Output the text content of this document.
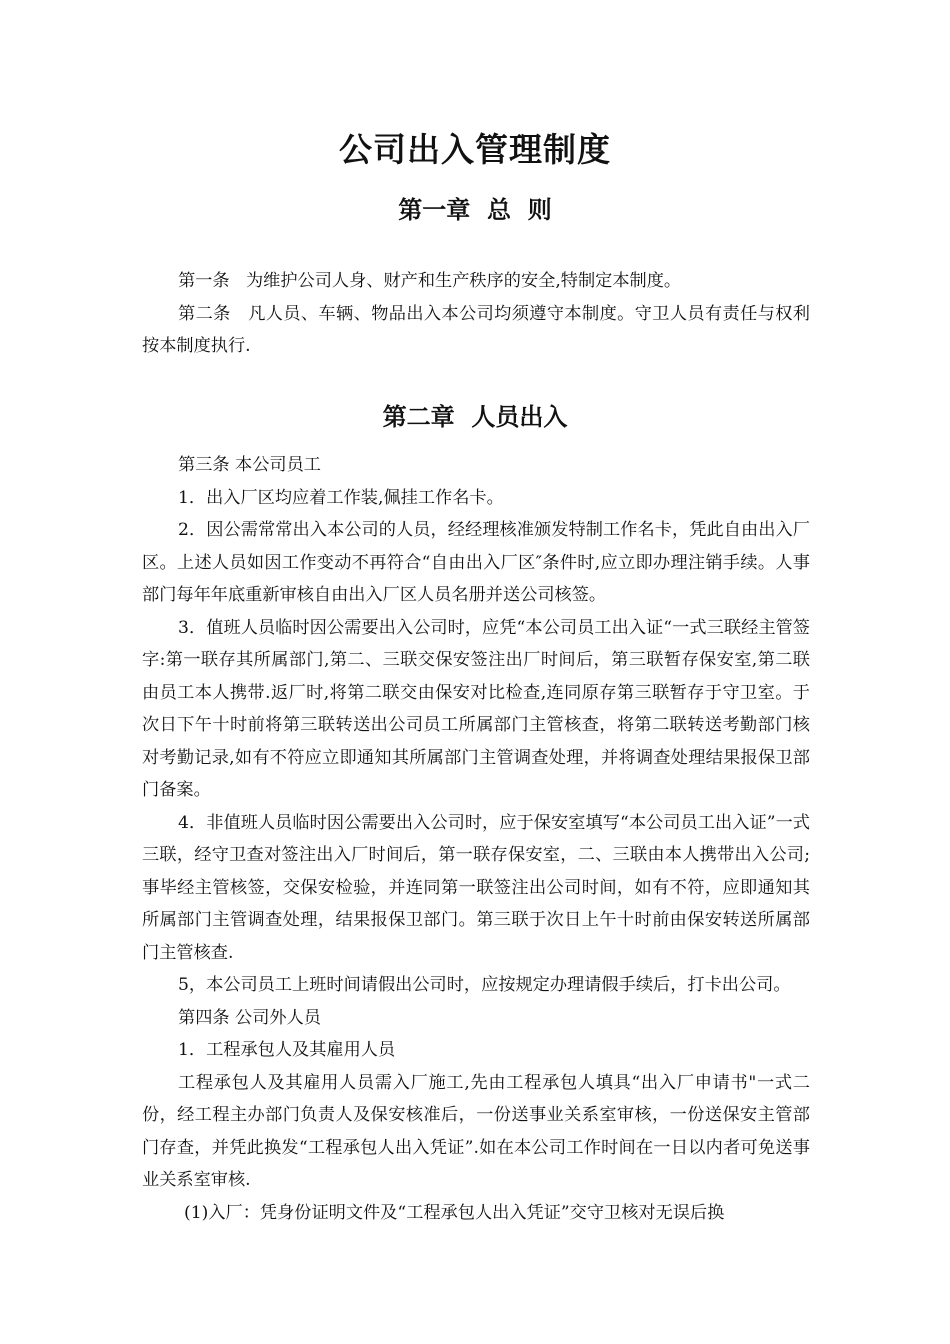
公司出入管理制度
第一章  总  则

第一条   为维护公司人身、财产和生产秩序的安全,特制定本制度。

第二条   凡人员、车辆、物品出入本公司均须遵守本制度。守卫人员有责任与权利按本制度执行.

第二章  人员出入

第三条 本公司员工

1．出入厂区均应着工作装,佩挂工作名卡。

2．因公需常常出入本公司的人员，经经理核准颁发特制工作名卡，凭此自由出入厂区。上述人员如因工作变动不再符合“自由出入厂区″条件时,应立即办理注销手续。人事部门每年年底重新审核自由出入厂区人员名册并送公司核签。

3．值班人员临时因公需要出入公司时，应凭“本公司员工出入证“一式三联经主管签字:第一联存其所属部门,第二、三联交保安签注出厂时间后，第三联暂存保安室,第二联由员工本人携带.返厂时,将第二联交由保安对比检查,连同原存第三联暂存于守卫室。于次日下午十时前将第三联转送出公司员工所属部门主管核查，将第二联转送考勤部门核对考勤记录,如有不符应立即通知其所属部门主管调查处理，并将调查处理结果报保卫部门备案。

4．非值班人员临时因公需要出入公司时，应于保安室填写“本公司员工出入证”一式三联，经守卫查对签注出入厂时间后，第一联存保安室，二、三联由本人携带出入公司;事毕经主管核签，交保安检验，并连同第一联签注出公司时间，如有不符，应即通知其所属部门主管调查处理，结果报保卫部门。第三联于次日上午十时前由保安转送所属部门主管核查.

5，本公司员工上班时间请假出公司时，应按规定办理请假手续后，打卡出公司。

第四条 公司外人员

1．工程承包人及其雇用人员

工程承包人及其雇用人员需入厂施工,先由工程承包人填具“出入厂申请书"一式二份，经工程主办部门负责人及保安核准后，一份送事业关系室审核，一份送保安主管部门存查，并凭此换发“工程承包人出入凭证”.如在本公司工作时间在一日以内者可免送事业关系室审核.

(1)入厂：凭身份证明文件及“工程承包人出入凭证”交守卫核对无误后换
